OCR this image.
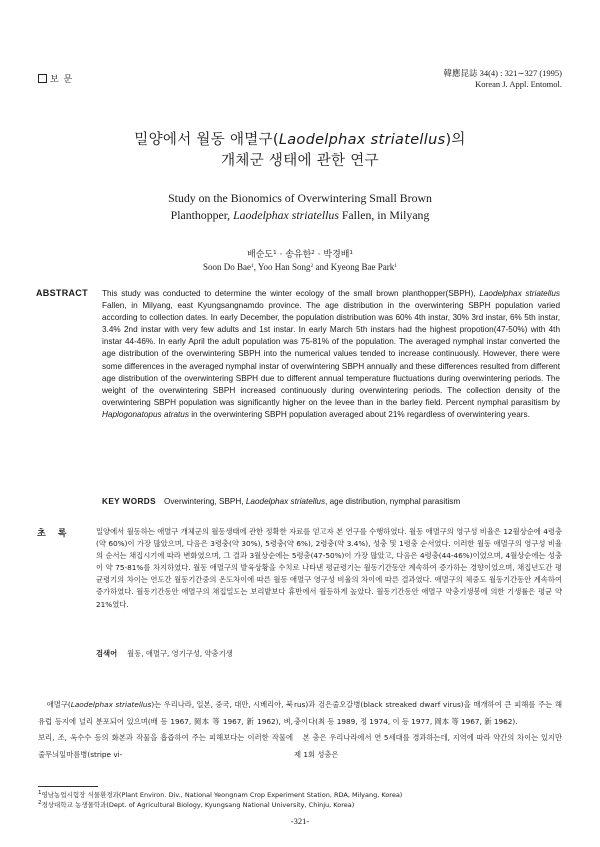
보 문
韓應昆誌 34(4) : 321∼327 (1995)
Korean J. Appl. Entomol.
밀양에서 월동 애멸구(Laodelphax striatellus)의
개체군 생태에 관한 연구
Study on the Bionomics of Overwintering Small Brown
Planthopper, Laodelphax striatellus Fallen, in Milyang
배순도$^1$ · 송유한$^2$ · 박경배$^1$
Soon Do Bae$^1$, Yoo Han Song$^2$ and Kyeong Bae Park$^1$
ABSTRACT This study was conducted to determine the winter ecology of the small brown planthopper(SBPH), Laodelphax striatellus Fallen, in Milyang, east Kyungsangnamdo province. The age distribution in the overwintering SBPH population varied according to collection dates. In early December, the population distribution was 60% 4th instar, 30% 3rd instar, 6% 5th instar, 3.4% 2nd instar with very few adults and 1st instar. In early March 5th instars had the highest propotion(47-50%) with 4th instar 44-46%. In early April the adult population was 75-81% of the population. The averaged nymphal instar converted the age distribution of the overwintering SBPH into the numerical values tended to increase continuously. However, there were some differences in the averaged nymphal instar of overwintering SBPH annually and these differences resulted from different age distribution of the overwintering SBPH due to different annual temperature fluctuations during overwintering periods. The weight of the overwintering SBPH increased continuously during overwintering periods. The collection density of the overwintering SBPH population was significantly higher on the levee than in the barley field. Percent nymphal parasitism by Haplogonatopus atratus in the overwintering SBPH population averaged about 21% regardless of overwintering years.
KEY WORDS Overwintering, SBPH, Laodelphax striatellus, age distribution, nymphal parasitism
초록 밀양에서 월동하는 애멸구 개체군의 월동생태에 관한 정확한 자료를 얻고자 본 연구를 수행하였다. 월동 애멸구의 영구성 비율은 12월상순에 4령충(약 60%)이 가장 많았으며, 다음은 3령충(약 30%), 5령충(약 6%), 2령충(약 3.4%), 성충 및 1령충 순서였다. 이러한 월동 애멸구의 영구성 비율의 순서는 채집시기에 따라 변화였으며, 그 결과 3월상순에는 5령충(47-50%)이 가장 많았고, 다음은 4령충(44-46%)이었으며, 4월상순에는 성충이 약 75-81%를 차지하였다. 월동 애멸구의 발육상황을 수치로 나타낸 평균령기는 월동기간동안 계속하여 증가하는 경향이었으며, 채집년도간 평균령기의 차이는 연도간 월동기간중의 온도차이에 따른 월동 애멸구 영구성 비율의 차이에 따른 결과였다. 애멸구의 체중도 월동기간동안 계속하여 증가하였다. 월동기간동안 애멸구의 채집밀도는 보리밭보다 휴반에서 월등하게 높았다. 월동기간동안 애멸구 약충기생봉에 의한 기생률은 평균 약 21%였다.
검색어 월동, 애멸구, 영기구성, 약충기생
애멸구(Laodelphax striatellus)는 우리나라, 일본, 중국, 대만, 시베리아, 북유럽 등지에 널리 분포되어 있으며(배 등 1967, 岡本 等 1967, 新 1962), 벼, 보리, 조, 옥수수 등의 화본과 작물을 흡즙하여 주는 피해보다는 이러한 작물에 줄무늬잎마름병(stripe vi-
rus)과 검은줄오갈병(black streaked dwarf virus)을 매개하여 큰 피해를 주는 해충이다(최 등 1989, 정 1974, 이 등 1977, 岡本 等 1967, 新 1962).
본 충은 우리나라에서 연 5세대를 경과하는데, 지역에 따라 약간의 차이는 있지만 제 1회 성충은
$^1$영남농업시험장 식물환경과(Plant Environ. Div., National Yeongnam Crop Experiment Station, RDA, Milyang, Korea)
$^2$경상대학교 농생물학과(Dept. of Agricultural Biology, Kyungsang National University, Chinju, Korea)
-321-
